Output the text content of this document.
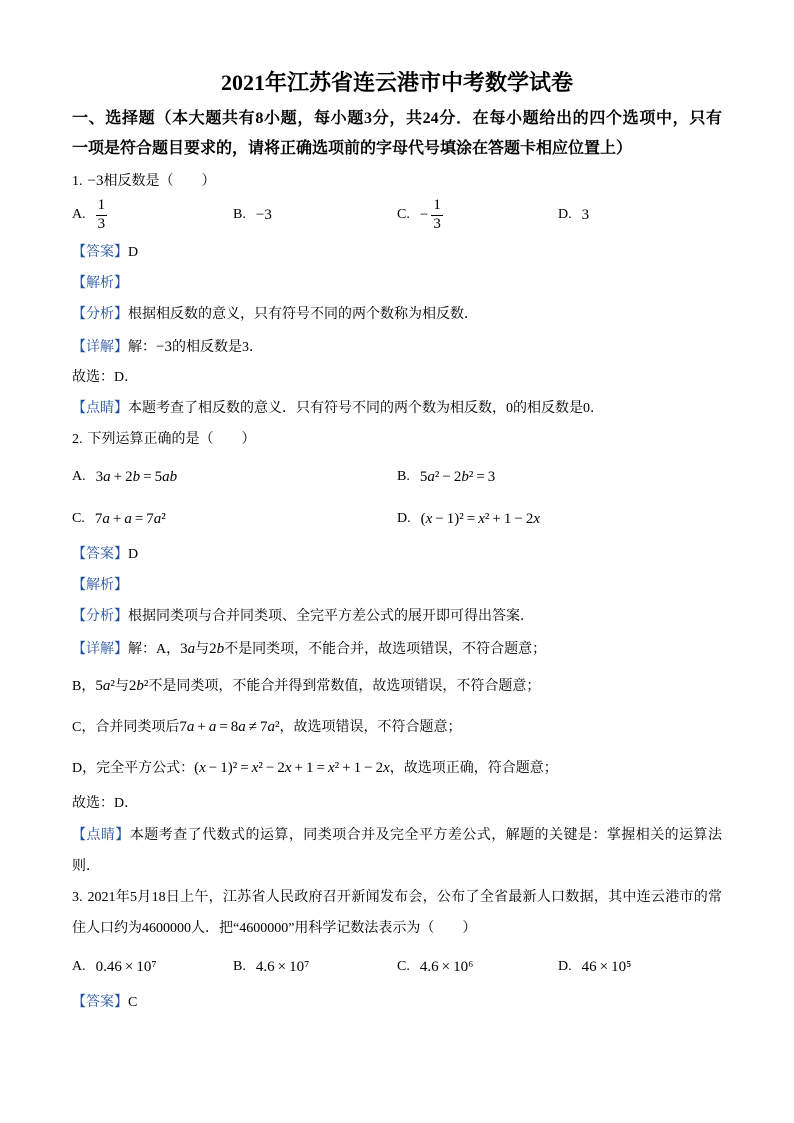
2021年江苏省连云港市中考数学试卷
一、选择题（本大题共有8小题，每小题3分，共24分．在每小题给出的四个选项中，只有
一项是符合题目要求的，请将正确选项前的字母代号填涂在答题卡相应位置上）
1. −3相反数是（　　）
A. $\frac{1}{3}$	B. −3	C. − $\frac{1}{3}$	D. 3
【答案】D
【解析】
【分析】根据相反数的意义，只有符号不同的两个数称为相反数．
【详解】解：−3的相反数是3．
故选：D．
【点睛】本题考查了相反数的意义．只有符号不同的两个数为相反数，0的相反数是0．
2. 下列运算正确的是（　　）
A. 3a + 2b = 5ab	B. 5a² − 2b² = 3
C. 7a + a = 7a²	D. (x − 1)² = x² + 1 − 2x
【答案】D
【解析】
【分析】根据同类项与合并同类项、全完平方差公式的展开即可得出答案．
【详解】解：A，3a与2b不是同类项，不能合并，故选项错误，不符合题意；
B，5a²与2b²不是同类项，不能合并得到常数值，故选项错误，不符合题意；
C，合并同类项后7a + a = 8a ≠ 7a²，故选项错误，不符合题意；
D，完全平方公式：(x − 1)² = x² − 2x + 1 = x² + 1 − 2x，故选项正确，符合题意；
故选：D．
【点睛】本题考查了代数式的运算，同类项合并及完全平方差公式，解题的关键是：掌握相关的运算法
则．
3. 2021年5月18日上午，江苏省人民政府召开新闻发布会，公布了全省最新人口数据，其中连云港市的常
住人口约为4600000人．把“4600000”用科学记数法表示为（　　）
A. 0.46 × 10⁷	B. 4.6 × 10⁷	C. 4.6 × 10⁶	D. 46 × 10⁵
【答案】C
